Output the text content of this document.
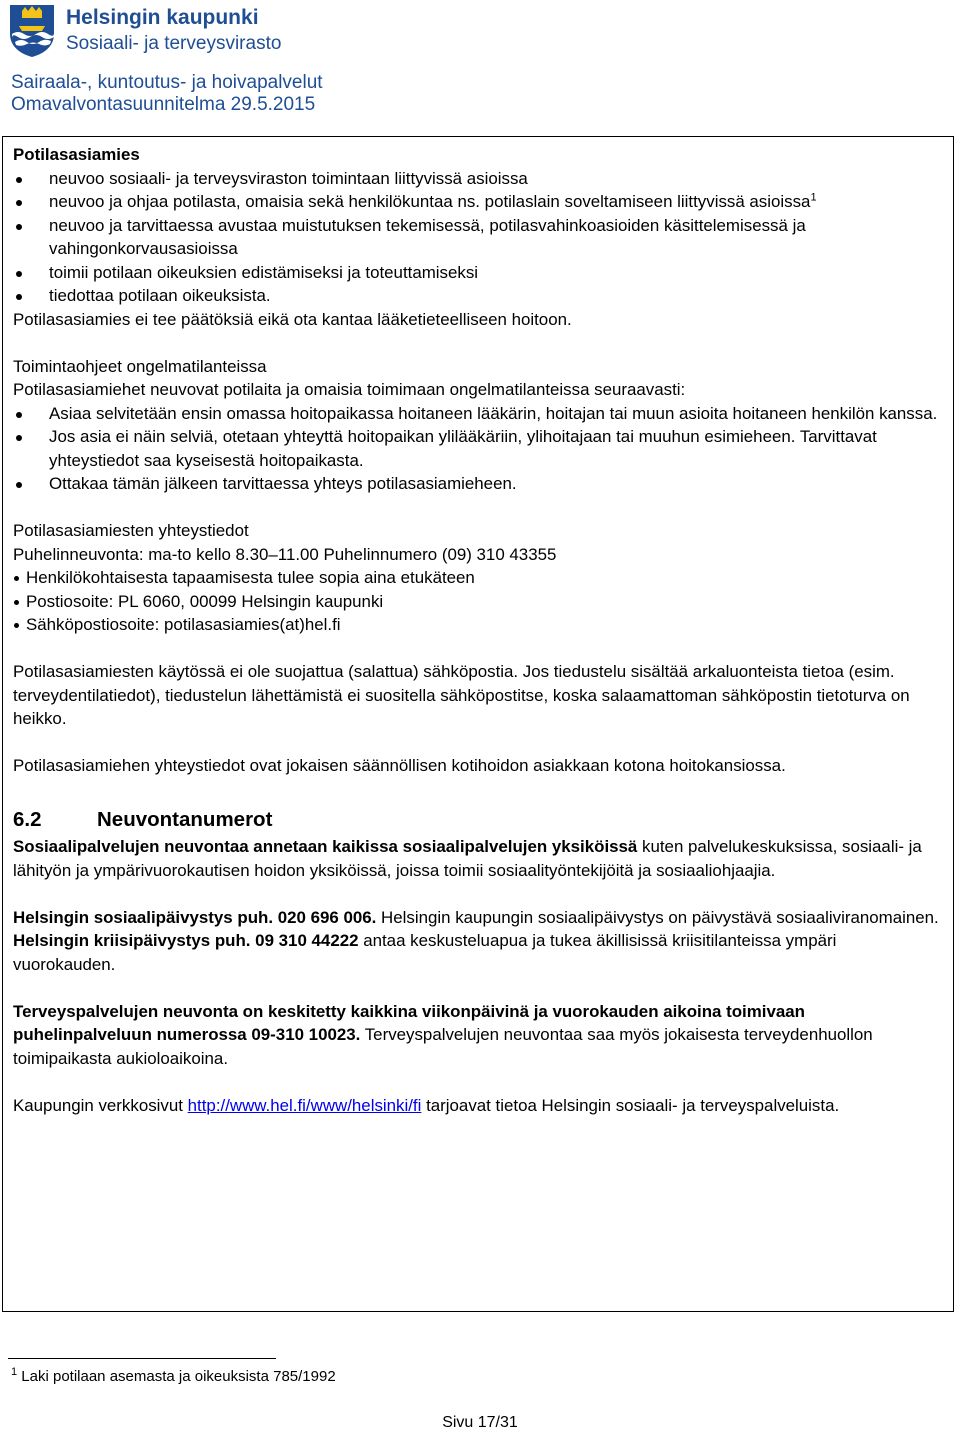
Helsingin kaupunki
Sosiaali- ja terveysvirasto
Sairaala-, kuntoutus- ja hoivapalvelut
Omavalvontasuunnitelma 29.5.2015

Potilasasiamies

neuvoo sosiaali- ja terveysviraston toimintaan liittyvissä asioissa
neuvoo ja ohjaa potilasta, omaisia sekä henkilökuntaa ns. potilaslain soveltamiseen liittyvissä asioissa$^1$
neuvoo ja tarvittaessa avustaa muistutuksen tekemisessä, potilasvahinkoasioiden käsittelemisessä ja vahingonkorvausasioissa
toimii potilaan oikeuksien edistämiseksi ja toteuttamiseksi
tiedottaa potilaan oikeuksista.

Potilasasiamies ei tee päätöksiä eikä ota kantaa lääketieteelliseen hoitoon.

Toimintaohjeet ongelmatilanteissa

Potilasasiamiehet neuvovat potilaita ja omaisia toimimaan ongelmatilanteissa seuraavasti:

Asiaa selvitetään ensin omassa hoitopaikassa hoitaneen lääkärin, hoitajan tai muun asioita hoitaneen henkilön kanssa.
Jos asia ei näin selviä, otetaan yhteyttä hoitopaikan ylilääkäriin, ylihoitajaan tai muuhun esimieheen. Tarvittavat yhteystiedot saa kyseisestä hoitopaikasta.
Ottakaa tämän jälkeen tarvittaessa yhteys potilasasiamieheen.

Potilasasiamiesten yhteystiedot

Puhelinneuvonta: ma-to kello 8.30–11.00 Puhelinnumero (09) 310 43355

Henkilökohtaisesta tapaamisesta tulee sopia aina etukäteen
Postiosoite: PL 6060, 00099 Helsingin kaupunki
Sähköpostiosoite: potilasasiamies(at)hel.fi

Potilasasiamiesten käytössä ei ole suojattua (salattua) sähköpostia. Jos tiedustelu sisältää arkaluontеista tietoa (esim. terveydentilatiedot), tiedustelun lähettämistä ei suositella sähköpostitse, koska salaamattoman sähköpostin tietoturva on heikko.

Potilasasiamiehen yhteystiedot ovat jokaisen säännöllisen kotihoidon asiakkaan kotona hoitokansiossa.

6.2	Neuvontanumerot

Sosiaalipalvelujen neuvontaa annetaan kaikissa sosiaalipalvelujen yksiköissä kuten palvelukeskuksissa, sosiaali- ja lähityön ja ympärivuorokautisen hoidon yksiköissä, joissa toimii sosiaalityöntekijöitä ja sosiaaliohjaajia.

Helsingin sosiaalipäivystys puh. 020 696 006. Helsingin kaupungin sosiaalipäivystys on päivystävä sosiaaliviranomainen.

Helsingin kriisipäivystys puh. 09 310 44222 antaa keskusteluapua ja tukea äkillisissä kriisitilanteissa ympäri vuorokauden.

Terveyspalvelujen neuvonta on keskitetty kaikkina viikonpäivinä ja vuorokauden aikoina toimivaan puhelinpalveluun numerossa 09-310 10023. Terveyspalvelujen neuvontaa saa myös jokaisesta terveydenhuollon toimipaikasta aukioloaikoina.

Kaupungin verkkosivut http://www.hel.fi/www/helsinki/fi tarjoavat tietoa Helsingin sosiaali- ja terveyspalveluista.

$^1$ Laki potilaan asemasta ja oikeuksista 785/1992
Sivu 17/31
